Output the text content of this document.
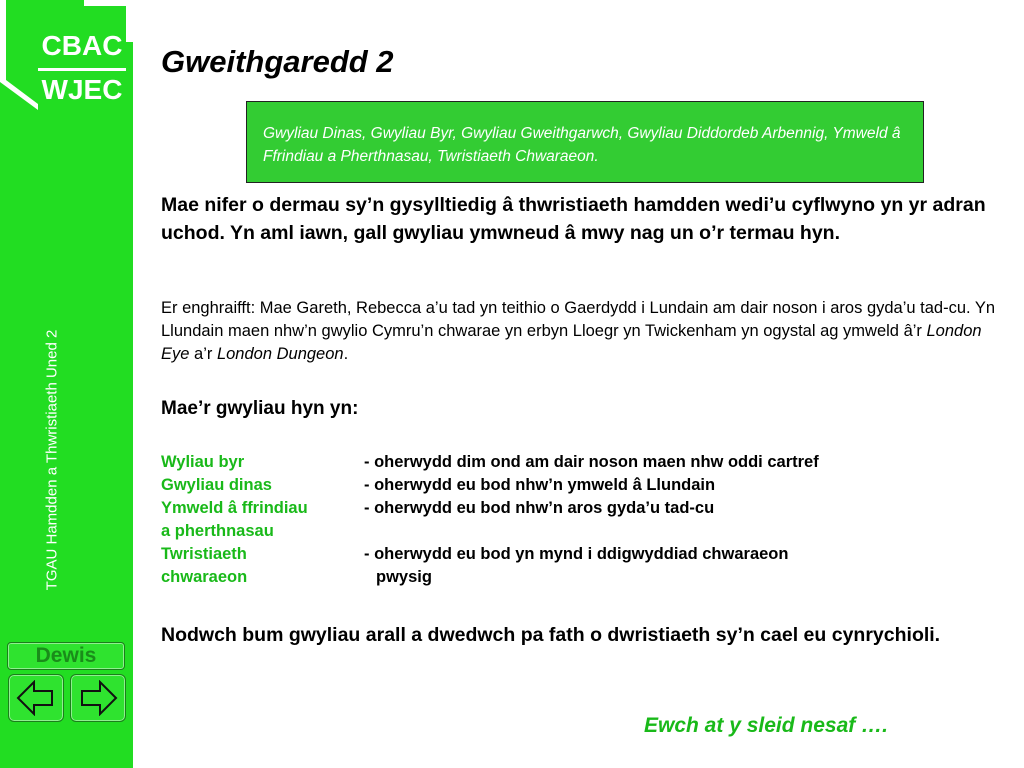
CBAC
WJEC
TGAU Hamdden a Thwristiaeth Uned 2
Dewis
Gweithgaredd 2
Gwyliau Dinas, Gwyliau Byr, Gwyliau Gweithgarwch, Gwyliau Diddordeb Arbennig, Ymweld â Ffrindiau a Pherthnasau, Twristiaeth Chwaraeon.
Mae nifer o dermau sy’n gysylltiedig â thwristiaeth hamdden wedi’u cyflwyno yn yr adran uchod. Yn aml iawn, gall gwyliau ymwneud â mwy nag un o’r termau hyn.
Er enghraifft: Mae Gareth, Rebecca a’u tad yn teithio o Gaerdydd i Lundain am dair noson i aros gyda’u tad-cu. Yn Llundain maen nhw’n gwylio Cymru’n chwarae yn erbyn Lloegr yn Twickenham yn ogystal ag ymweld â’r London Eye a’r London Dungeon.
Mae’r gwyliau hyn yn:
Wyliau byr	- oherwydd dim ond am dair noson maen nhw oddi cartref
Gwyliau dinas	- oherwydd eu bod nhw’n ymweld â Llundain
Ymweld â ffrindiau
a pherthnasau
- oherwydd eu bod nhw’n aros gyda’u tad-cu
Twristiaeth
chwaraeon
- oherwydd eu bod yn mynd i ddigwyddiad chwaraeon
pwysig
Nodwch bum gwyliau arall a dwedwch pa fath o dwristiaeth sy’n cael eu cynrychioli.
Ewch at y sleid nesaf ….
